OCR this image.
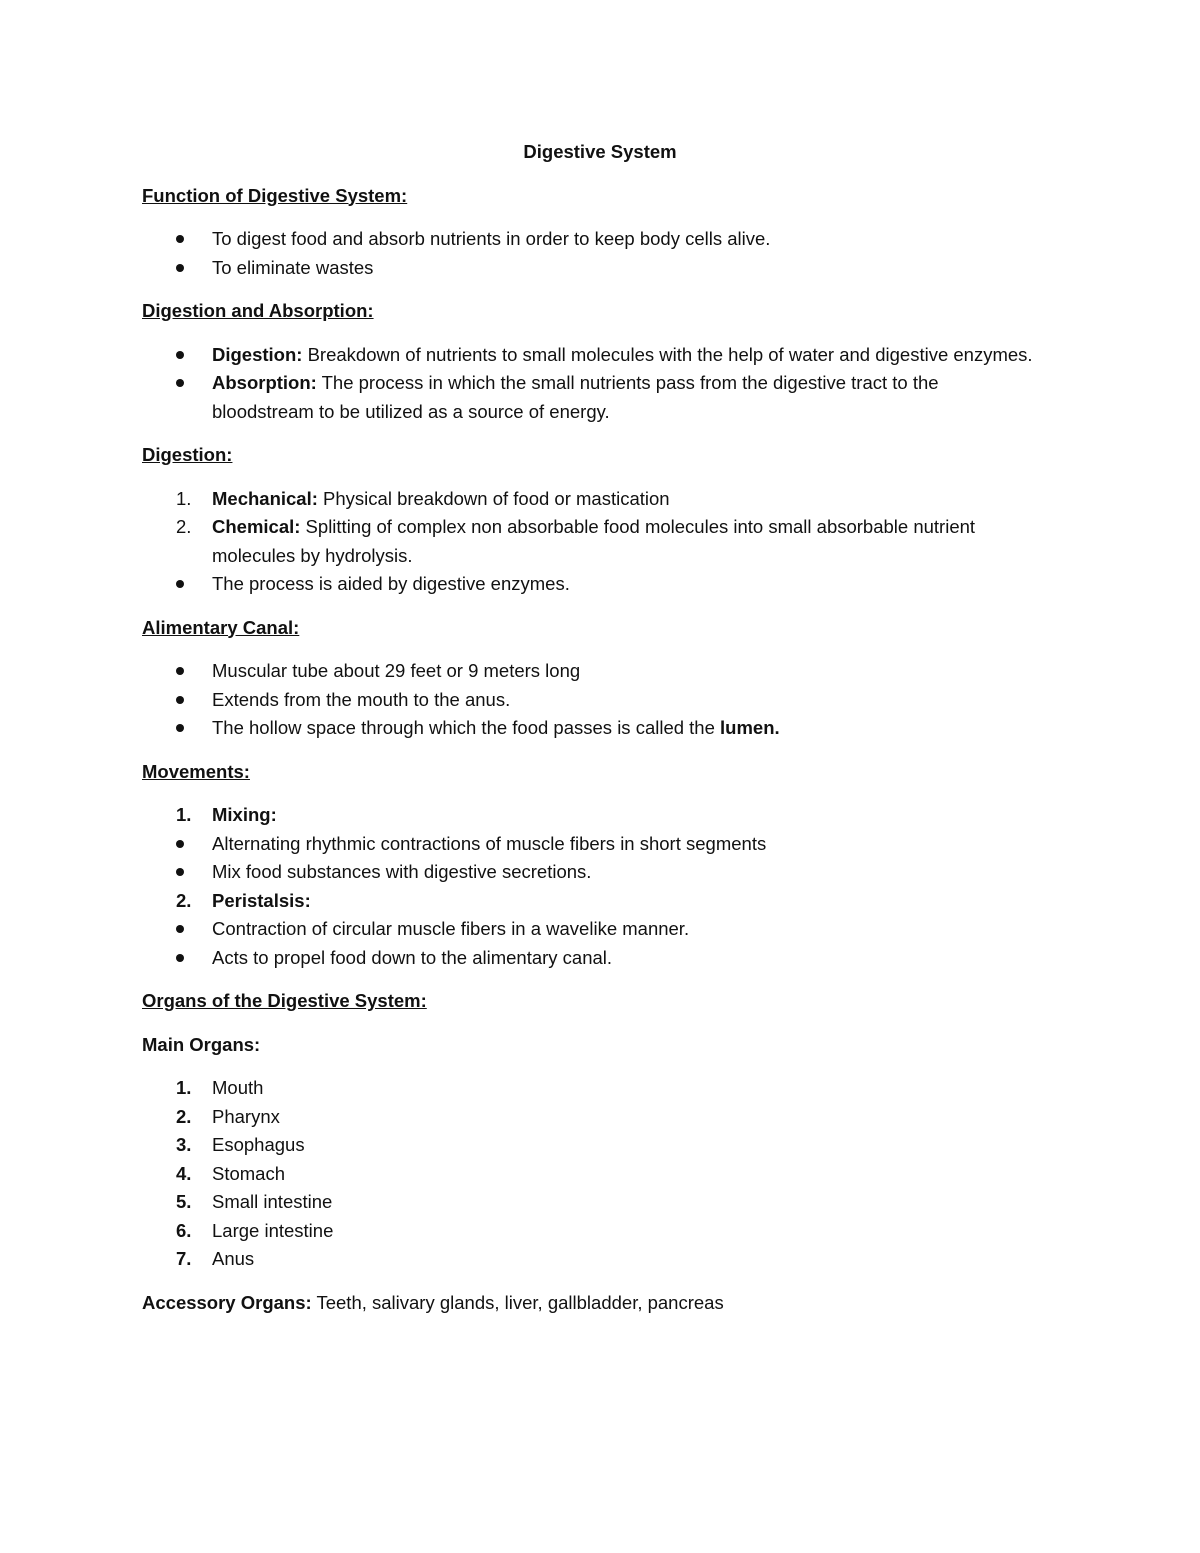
Digestive System
Function of Digestive System:
To digest food and absorb nutrients in order to keep body cells alive.
To eliminate wastes
Digestion and Absorption:
Digestion: Breakdown of nutrients to small molecules with the help of water and digestive enzymes.
Absorption: The process in which the small nutrients pass from the digestive tract to the bloodstream to be utilized as a source of energy.
Digestion:
1.	Mechanical: Physical breakdown of food or mastication
2.	Chemical: Splitting of complex non absorbable food molecules into small absorbable nutrient molecules by hydrolysis.
The process is aided by digestive enzymes.
Alimentary Canal:
Muscular tube about 29 feet or 9 meters long
Extends from the mouth to the anus.
The hollow space through which the food passes is called the lumen.
Movements:
1.	Mixing:
Alternating rhythmic contractions of muscle fibers in short segments
Mix food substances with digestive secretions.
2.	Peristalsis:
Contraction of circular muscle fibers in a wavelike manner.
Acts to propel food down to the alimentary canal.
Organs of the Digestive System:
Main Organs:
1.	Mouth
2.	Pharynx
3.	Esophagus
4.	Stomach
5.	Small intestine
6.	Large intestine
7.	Anus
Accessory Organs: Teeth, salivary glands, liver, gallbladder, pancreas
